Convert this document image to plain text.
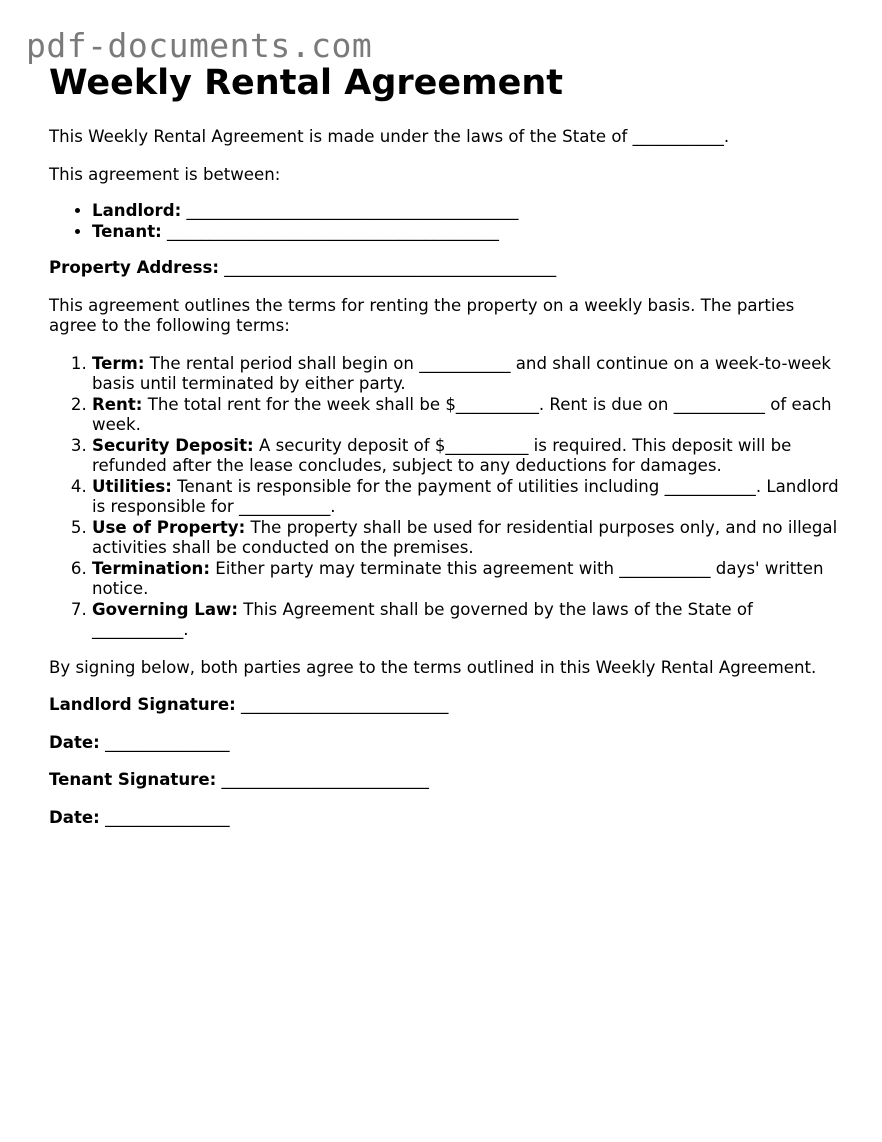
pdf-documents.com
Weekly Rental Agreement

This Weekly Rental Agreement is made under the laws of the State of ___________.

This agreement is between:

• Landlord: ________________________________________
• Tenant: ________________________________________

Property Address: ________________________________________

This agreement outlines the terms for renting the property on a weekly basis. The parties agree to the following terms:

1. Term: The rental period shall begin on ___________ and shall continue on a week-to-week basis until terminated by either party.
2. Rent: The total rent for the week shall be $__________. Rent is due on ___________ of each week.
3. Security Deposit: A security deposit of $__________ is required. This deposit will be refunded after the lease concludes, subject to any deductions for damages.
4. Utilities: Tenant is responsible for the payment of utilities including ___________. Landlord is responsible for ___________.
5. Use of Property: The property shall be used for residential purposes only, and no illegal activities shall be conducted on the premises.
6. Termination: Either party may terminate this agreement with ___________ days' written notice.
7. Governing Law: This Agreement shall be governed by the laws of the State of ___________.

By signing below, both parties agree to the terms outlined in this Weekly Rental Agreement.

Landlord Signature: _________________________

Date: _______________

Tenant Signature: _________________________

Date: _______________
